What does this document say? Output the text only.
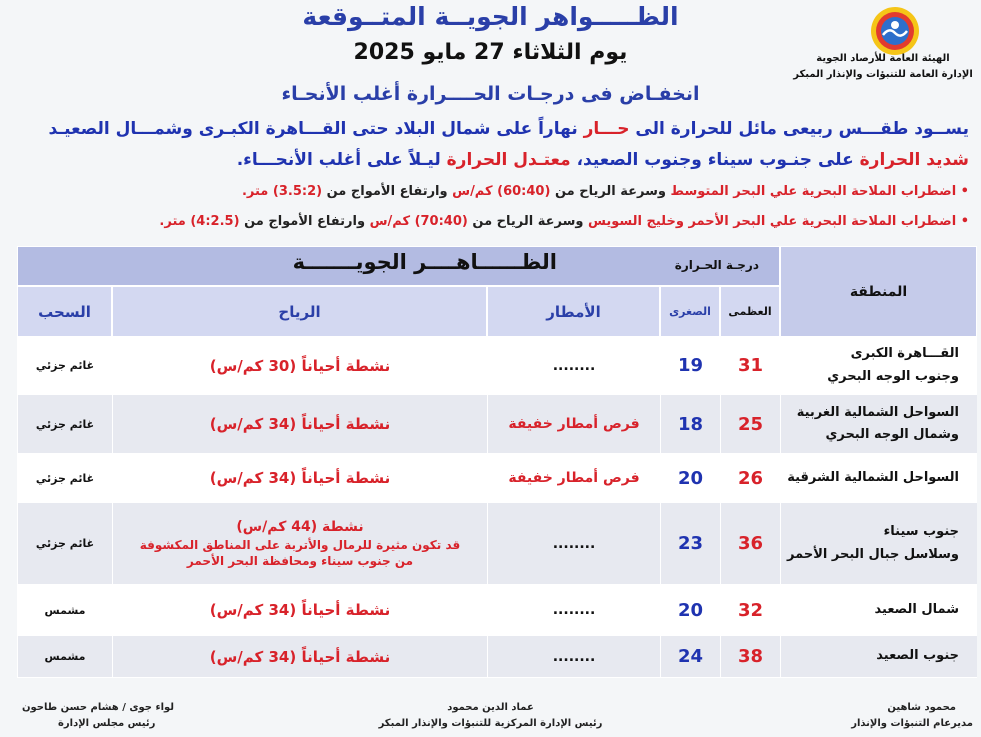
الظـــــواهر الجويــة المتــوقعة
يوم الثلاثاء 27 مايو 2025
انخفـاض فى درجـات الحــــرارة أغلب الأنحـاء
الهيئة العامة للأرصاد الجوية
الإدارة العامة للتنبؤات والإنذار المبكر
يســود طقـــس ربيعى مائل للحرارة الى حـــار نهاراً على شمال البلاد حتى القـــاهرة الكبـرى وشمـــال الصعيـد
شديد الحرارة على جنـوب سيناء وجنوب الصعيد، معتـدل الحرارة ليـلاً على أغلب الأنحـــاء.
• اضطراب الملاحة البحرية علي البحر المتوسط وسرعة الرياح من (60:40) كم/س وارتفاع الأمواج من (3.5:2) متر.
• اضطراب الملاحة البحرية علي البحر الأحمر وخليج السويس وسرعة الرياح من (70:40) كم/س وارتفاع الأمواج من (4:2.5) متر.
المنطقة
الظــــــاهــــر الجويـــــــة	درجـة الحـرارة
العظمى
الصغرى
الأمطار
الرياح
السحب
القـــاهرة الكبرى
وجنوب الوجه البحري
31
19
........
نشطة أحياناً (30 كم/س)
غائم جزئي
السواحل الشمالية الغربية
وشمال الوجه البحري
25
18
فرص أمطار خفيفة
نشطة أحياناً (34 كم/س)
غائم جزئي
السواحل الشمالية الشرقية
26
20
فرص أمطار خفيفة
نشطة أحياناً (34 كم/س)
غائم جزئي
جنوب سيناء
وسلاسل جبال البحر الأحمر
36
23
........
نشطة (44 كم/س)
قد تكون مثيرة للرمال والأتربة على المناطق المكشوفة
من جنوب سيناء ومحافظة البحر الأحمر
غائم جزئي
شمال الصعيد
32
20
........
نشطة أحياناً (34 كم/س)
مشمس
جنوب الصعيد
38
24
........
نشطة أحياناً (34 كم/س)
مشمس
محمود شاهين
مديرعام التنبؤات والإنذار
عماد الدين محمود
رئيس الإدارة المركزية للتنبؤات والإنذار المبكر
لواء جوى / هشام حسن طاحون
رئيس مجلس الإدارة
